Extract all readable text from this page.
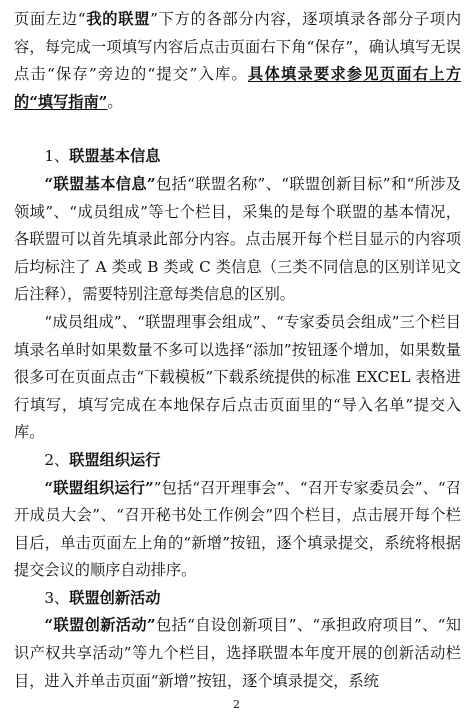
页面左边“我的联盟”下方的各部分内容，逐项填录各部分子项内容，每完成一项填写内容后点击页面右下角“保存”，确认填写无误点击“保存”旁边的“提交”入库。具体填录要求参见页面右上方的“填写指南”。

1、联盟基本信息

“联盟基本信息”包括“联盟名称”、“联盟创新目标”和“所涉及领域”、“成员组成”等七个栏目，采集的是每个联盟的基本情况，各联盟可以首先填录此部分内容。点击展开每个栏目显示的内容项后均标注了 A 类或 B 类或 C 类信息（三类不同信息的区别详见文后注释），需要特别注意每类信息的区别。

“成员组成”、“联盟理事会组成”、“专家委员会组成”三个栏目填录名单时如果数量不多可以选择“添加”按钮逐个增加，如果数量很多可在页面点击“下载模板”下载系统提供的标准 EXCEL 表格进行填写，填写完成在本地保存后点击页面里的“导入名单”提交入库。

2、联盟组织运行

“联盟组织运行””包括“召开理事会”、“召开专家委员会”、“召开成员大会”、“召开秘书处工作例会”四个栏目，点击展开每个栏目后，单击页面左上角的“新增”按钮，逐个填录提交，系统将根据提交会议的顺序自动排序。

3、联盟创新活动

“联盟创新活动”包括“自设创新项目”、“承担政府项目”、“知识产权共享活动”等九个栏目，选择联盟本年度开展的创新活动栏目，进入并单击页面“新增”按钮，逐个填录提交，系统

2
